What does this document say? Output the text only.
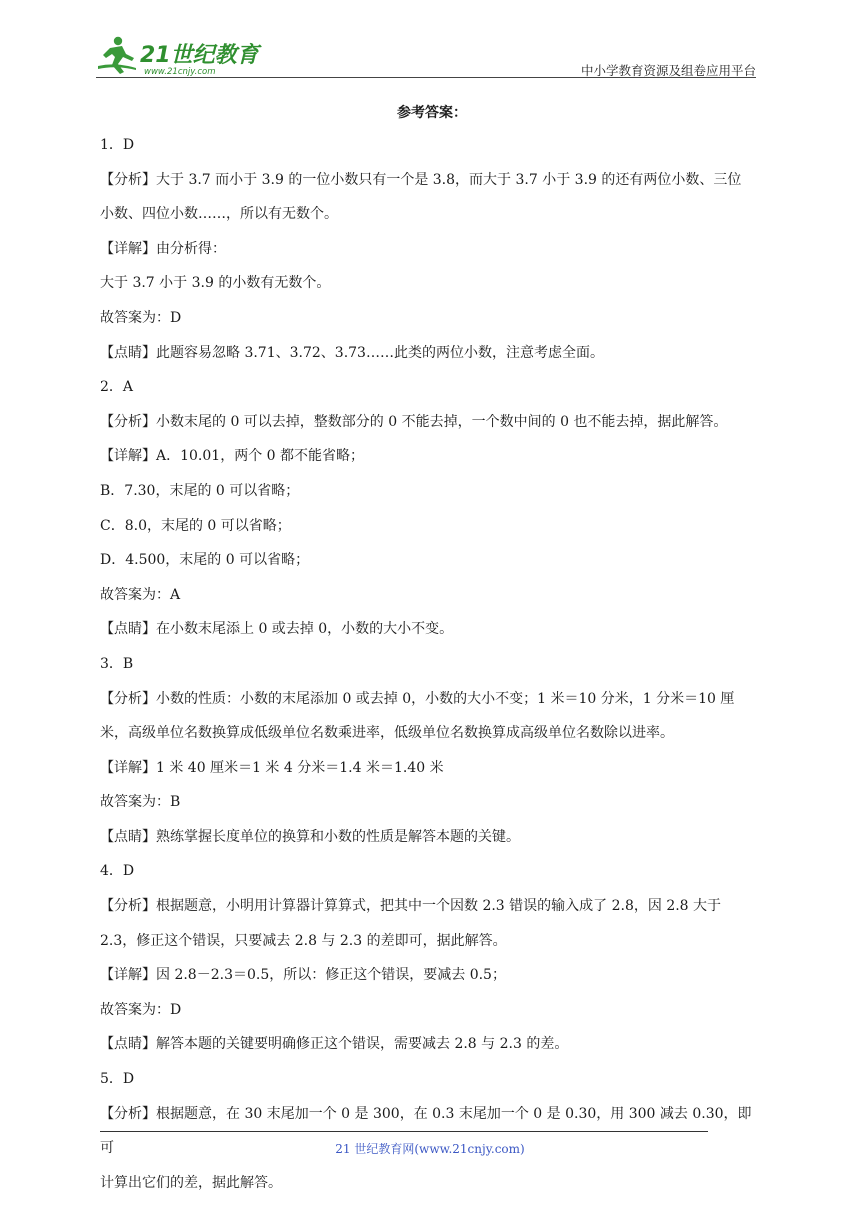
21世纪教育
www.21cnjy.com	中小学教育资源及组卷应用平台
参考答案：
1．D
【分析】大于 3.7 而小于 3.9 的一位小数只有一个是 3.8，而大于 3.7 小于 3.9 的还有两位小数、三位
小数、四位小数……，所以有无数个。
【详解】由分析得：
大于 3.7 小于 3.9 的小数有无数个。
故答案为：D
【点睛】此题容易忽略 3.71、3.72、3.73……此类的两位小数，注意考虑全面。
2．A
【分析】小数末尾的 0 可以去掉，整数部分的 0 不能去掉，一个数中间的 0 也不能去掉，据此解答。
【详解】A．10.01，两个 0 都不能省略；
B．7.30，末尾的 0 可以省略；
C．8.0，末尾的 0 可以省略；
D．4.500，末尾的 0 可以省略；
故答案为：A
【点睛】在小数末尾添上 0 或去掉 0，小数的大小不变。
3．B
【分析】小数的性质：小数的末尾添加 0 或去掉 0，小数的大小不变；1 米＝10 分米，1 分米＝10 厘
米，高级单位名数换算成低级单位名数乘进率，低级单位名数换算成高级单位名数除以进率。
【详解】1 米 40 厘米＝1 米 4 分米＝1.4 米＝1.40 米
故答案为：B
【点睛】熟练掌握长度单位的换算和小数的性质是解答本题的关键。
4．D
【分析】根据题意，小明用计算器计算算式，把其中一个因数 2.3 错误的输入成了 2.8，因 2.8 大于
2.3，修正这个错误，只要减去 2.8 与 2.3 的差即可，据此解答。
【详解】因 2.8－2.3＝0.5，所以：修正这个错误，要减去 0.5；
故答案为：D
【点睛】解答本题的关键要明确修正这个错误，需要减去 2.8 与 2.3 的差。
5．D
【分析】根据题意，在 30 末尾加一个 0 是 300，在 0.3 末尾加一个 0 是 0.30，用 300 减去 0.30，即可
计算出它们的差，据此解答。
21 世纪教育网(www.21cnjy.com)
